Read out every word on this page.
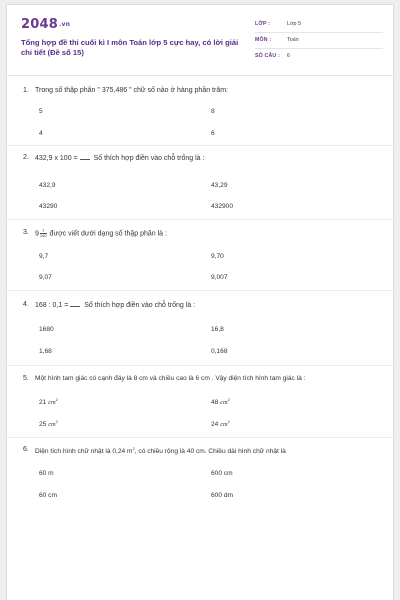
2048.vn
Tổng hợp đề thi cuối kì I môn Toán lớp 5 cực hay, có lời giải chi tiết (Đề số 15)
LỚP :	Lớp 5
MÔN :	Toán
SỐ CÂU : 6
1. Trong số thập phân " 375,486 " chữ số nào ở hàng phần trăm:
5	8
4	6
2. 432,9 x 100 = Số thích hợp điền vào chỗ trống là :
432,9	43,29
43290	432900
3. $9 \frac{7}{100}$ được viết dưới dạng số thập phân là :
9,7	9,70
9,07	9,007
4. 168 : 0,1 = Số thích hợp điền vào chỗ trống là :
1680	16,8
1,68	0,168
5. Một hình tam giác có cạnh đáy là 8 cm và chiều cao là 6 cm . Vậy diện tích hình tam giác là :
21 $cm^2$	48 $cm^2$
25 $cm^2$	24 $cm^2$
6. Diện tích hình chữ nhật là 0,24 $m^2$, có chiều rộng là 40 cm. Chiều dài hình chữ nhật là
60 m	600 cm
60 cm	600 dm
